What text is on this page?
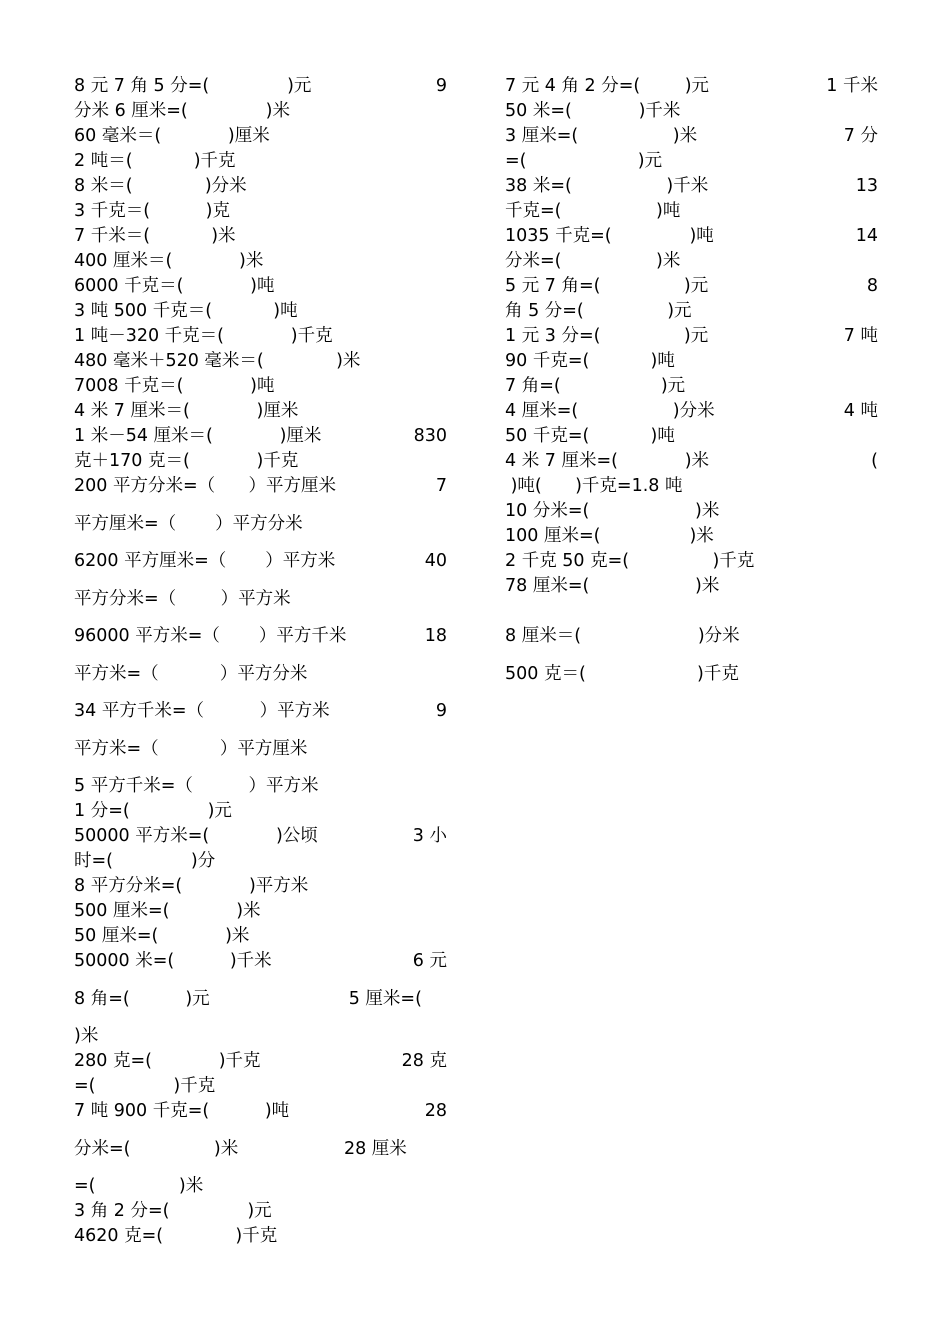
8 元 7 角 5 分=(              )元	9
分米 6 厘米=(              )米
60 毫米＝(            )厘米
2 吨＝(           )千克
8 米＝(             )分米
3 千克＝(          )克
7 千米＝(           )米
400 厘米＝(            )米
6000 千克＝(            )吨
3 吨 500 千克＝(           )吨
1 吨－320 千克＝(            )千克
480 毫米＋520 毫米＝(             )米
7008 千克＝(            )吨
4 米 7 厘米＝(            )厘米
1 米－54 厘米＝(            )厘米	830
克＋170 克＝(            )千克
200 平方分米=（      ）平方厘米	7
平方厘米=（       ）平方分米
6200 平方厘米=（       ）平方米	40
平方分米=（        ）平方米
96000 平方米=（       ）平方千米	18
平方米=（           ）平方分米
34 平方千米=（          ）平方米	9
平方米=（           ）平方厘米
5 平方千米=（          ）平方米
1 分=(              )元
50000 平方米=(            )公顷	3 小
时=(              )分
8 平方分米=(            )平方米
500 厘米=(            )米
50 厘米=(            )米
50000 米=(          )千米	6 元
8 角=(          )元                         5 厘米=(
)米
280 克=(            )千克	28 克
=(              )千克
7 吨 900 千克=(          )吨	28
分米=(               )米                   28 厘米
=(               )米
3 角 2 分=(              )元
4620 克=(             )千克
7 元 4 角 2 分=(        )元	1 千米
50 米=(            )千米
3 厘米=(                 )米	7 分
=(                    )元
38 米=(                 )千米	13
千克=(                 )吨
1035 千克=(              )吨	14
分米=(                 )米
5 元 7 角=(               )元	8
角 5 分=(               )元
1 元 3 分=(               )元	7 吨
90 千克=(           )吨
7 角=(                  )元
4 厘米=(                 )分米	4 吨
50 千克=(           )吨
4 米 7 厘米=(            )米	(
)吨(      )千克=1.8 吨
10 分米=(                   )米
100 厘米=(                )米
2 千克 50 克=(               )千克
78 厘米=(                   )米
8 厘米＝(                     )分米
500 克＝(                    )千克
